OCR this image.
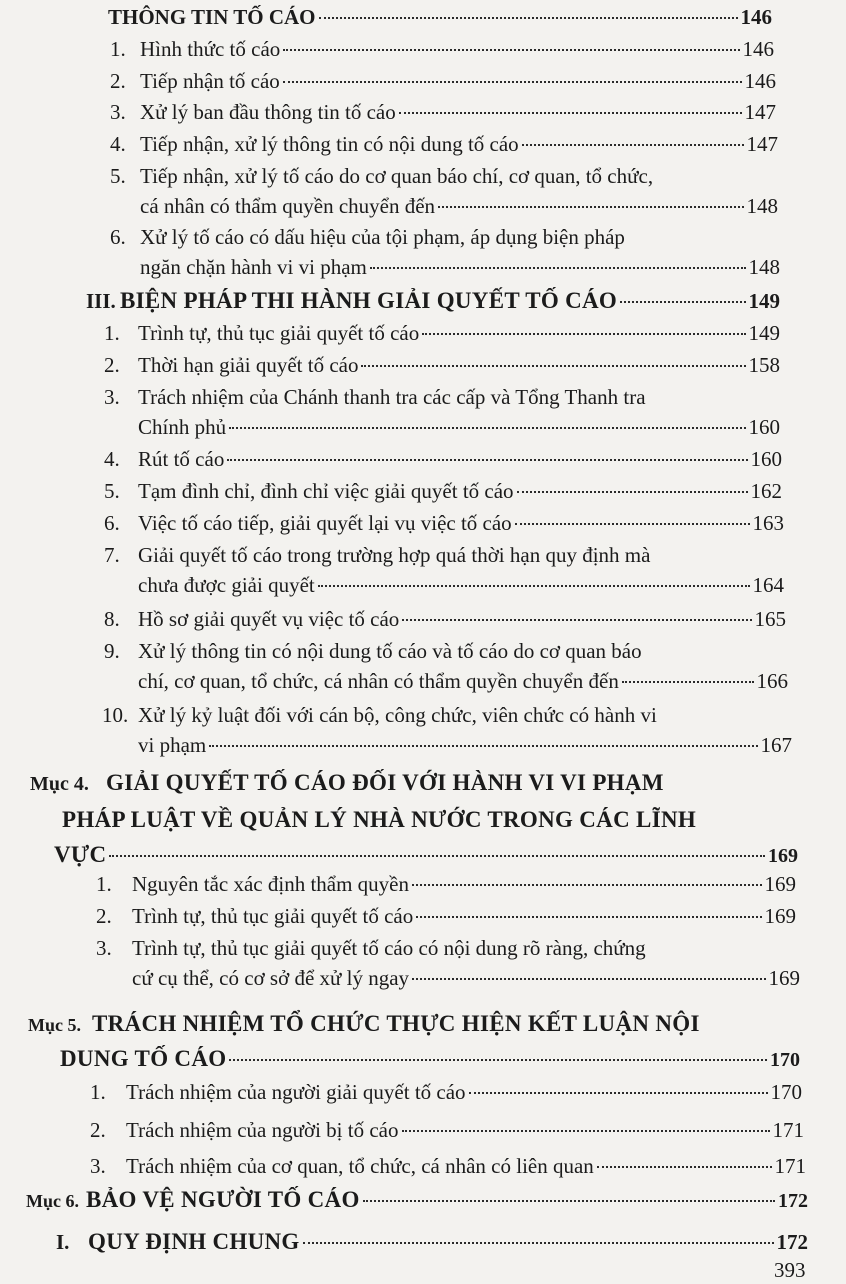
THÔNG TIN TỐ CÁO	146
1. Hình thức tố cáo	146
2. Tiếp nhận tố cáo	146
3. Xử lý ban đầu thông tin tố cáo	147
4. Tiếp nhận, xử lý thông tin có nội dung tố cáo	147
5. Tiếp nhận, xử lý tố cáo do cơ quan báo chí, cơ quan, tổ chức,
cá nhân có thẩm quyền chuyển đến	148
6. Xử lý tố cáo có dấu hiệu của tội phạm, áp dụng biện pháp
ngăn chặn hành vi vi phạm	148
III. BIỆN PHÁP THI HÀNH GIẢI QUYẾT TỐ CÁO	149
1. Trình tự, thủ tục giải quyết tố cáo	149
2. Thời hạn giải quyết tố cáo	158
3. Trách nhiệm của Chánh thanh tra các cấp và Tổng Thanh tra
Chính phủ	160
4. Rút tố cáo	160
5. Tạm đình chỉ, đình chỉ việc giải quyết tố cáo	162
6. Việc tố cáo tiếp, giải quyết lại vụ việc tố cáo	163
7. Giải quyết tố cáo trong trường hợp quá thời hạn quy định mà
chưa được giải quyết	164
8. Hồ sơ giải quyết vụ việc tố cáo	165
9. Xử lý thông tin có nội dung tố cáo và tố cáo do cơ quan báo
chí, cơ quan, tổ chức, cá nhân có thẩm quyền chuyển đến	166
10. Xử lý kỷ luật đối với cán bộ, công chức, viên chức có hành vi
vi phạm	167
Mục 4. GIẢI QUYẾT TỐ CÁO ĐỐI VỚI HÀNH VI VI PHẠM
PHÁP LUẬT VỀ QUẢN LÝ NHÀ NƯỚC TRONG CÁC LĨNH
VỰC	169
1. Nguyên tắc xác định thẩm quyền	169
2. Trình tự, thủ tục giải quyết tố cáo	169
3. Trình tự, thủ tục giải quyết tố cáo có nội dung rõ ràng, chứng
cứ cụ thể, có cơ sở để xử lý ngay	169
Mục 5. TRÁCH NHIỆM TỔ CHỨC THỰC HIỆN KẾT LUẬN NỘI
DUNG TỐ CÁO	170
1. Trách nhiệm của người giải quyết tố cáo	170
2. Trách nhiệm của người bị tố cáo	171
3. Trách nhiệm của cơ quan, tổ chức, cá nhân có liên quan	171
Mục 6. BẢO VỆ NGƯỜI TỐ CÁO	172
I. QUY ĐỊNH CHUNG	172
393
